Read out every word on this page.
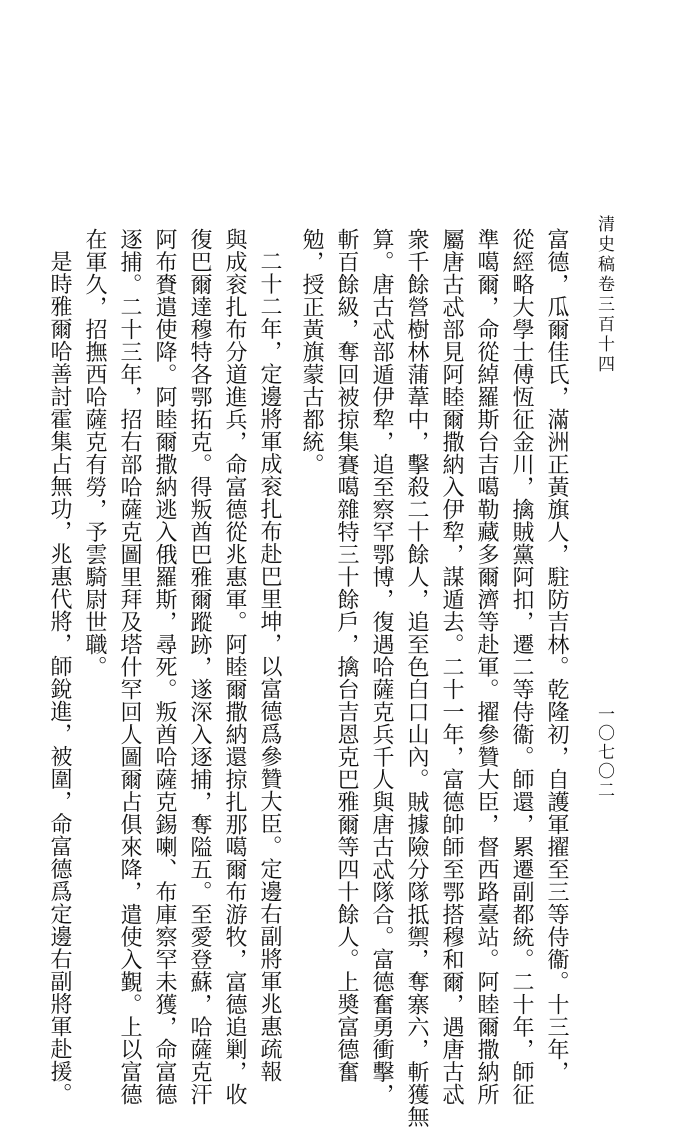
清史稿卷三百十四
一〇七〇二
富德，瓜爾佳氏，滿洲正黃旗人，駐防吉林。乾隆初，自護軍擢至三等侍衞。十三年，
從經略大學士傅恆征金川，擒賊黨阿扣，遷二等侍衞。師還，累遷副都統。二十年，師征
準噶爾，命從綽羅斯台吉噶勒藏多爾濟等赴軍。擢參贊大臣，督西路臺站。阿睦爾撒納所
屬唐古忒部見阿睦爾撒納入伊犂，謀遁去。二十一年，富德帥師至鄂搭穆和爾，遇唐古忒
衆千餘營樹林蒲葦中，擊殺二十餘人，追至色白口山內。賊據險分隊抵禦，奪寨六，斬獲無
算。唐古忒部遁伊犂，追至察罕鄂博，復遇哈薩克兵千人與唐古忒隊合。富德奮勇衝擊，
斬百餘級，奪回被掠集賽噶雜特三十餘戶，擒台吉恩克巴雅爾等四十餘人。上奬富德奮
勉，授正黃旗蒙古都統。
二十二年，定邊將軍成衮扎布赴巴里坤，以富德爲參贊大臣。定邊右副將軍兆惠疏報
與成衮扎布分道進兵，命富德從兆惠軍。阿睦爾撒納還掠扎那噶爾布游牧，富德追剿，收
復巴爾達穆特各鄂拓克。得叛酋巴雅爾蹤跡，遂深入逐捕，奪隘五。至愛登蘇，哈薩克汗
阿布賚遣使降。阿睦爾撒納逃入俄羅斯，尋死。叛酋哈薩克錫喇、布庫察罕未獲，命富德
逐捕。二十三年，招右部哈薩克圖里拜及塔什罕回人圖爾占俱來降，遣使入覲。上以富德
在軍久，招撫西哈薩克有勞，予雲騎尉世職。
是時雅爾哈善討霍集占無功，兆惠代將，師銳進，被圍，命富德爲定邊右副將軍赴援。
